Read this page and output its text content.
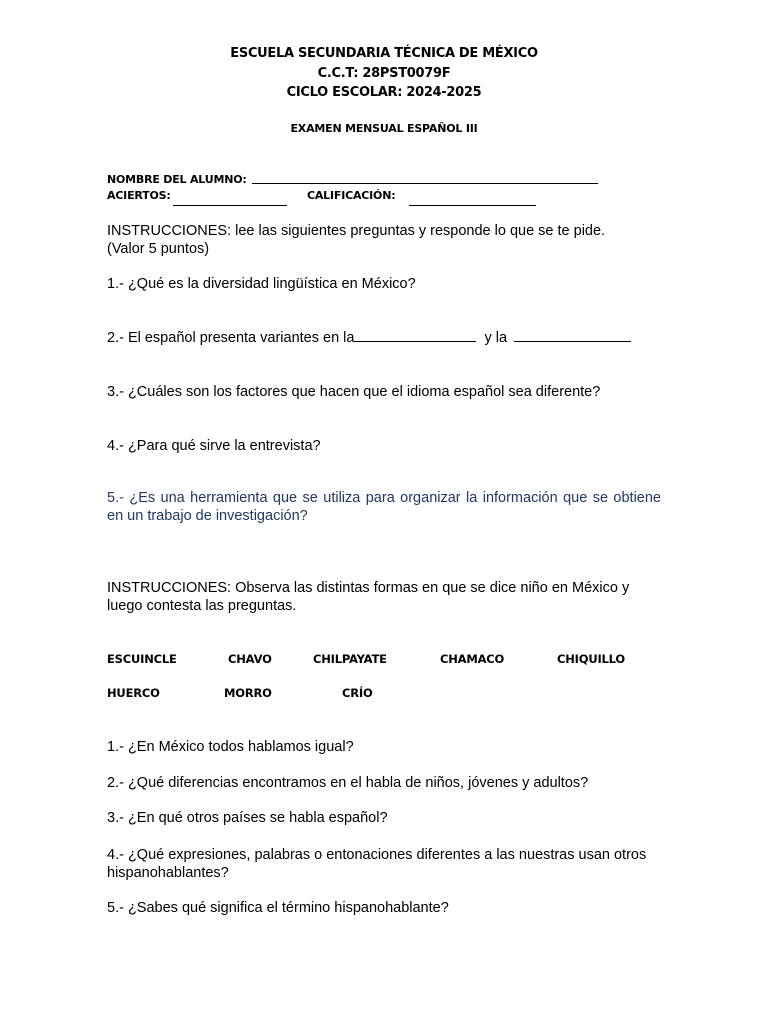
ESCUELA SECUNDARIA TÉCNICA DE MÉXICO
C.C.T: 28PST0079F
CICLO ESCOLAR: 2024-2025
EXAMEN MENSUAL ESPAÑOL III
NOMBRE DEL ALUMNO:
ACIERTOS:	CALIFICACIÓN:
INSTRUCCIONES: lee las siguientes preguntas y responde lo que se te pide.
(Valor 5 puntos)
1.- ¿Qué es la diversidad lingüística en México?
2.- El español presenta variantes en la	y la
3.- ¿Cuáles son los factores que hacen que el idioma español sea diferente?
4.- ¿Para qué sirve la entrevista?
5.- ¿Es una herramienta que se utiliza para organizar la información que se obtiene en un trabajo de investigación?
INSTRUCCIONES: Observa las distintas formas en que se dice niño en México y luego contesta las preguntas.
ESCUINCLE	CHAVO	CHILPAYATE	CHAMACO	CHIQUILLO
HUERCO	MORRO	CRÍO
1.- ¿En México todos hablamos igual?
2.- ¿Qué diferencias encontramos en el habla de niños, jóvenes y adultos?
3.- ¿En qué otros países se habla español?
4.- ¿Qué expresiones, palabras o entonaciones diferentes a las nuestras usan otros hispanohablantes?
5.- ¿Sabes qué significa el término hispanohablante?
